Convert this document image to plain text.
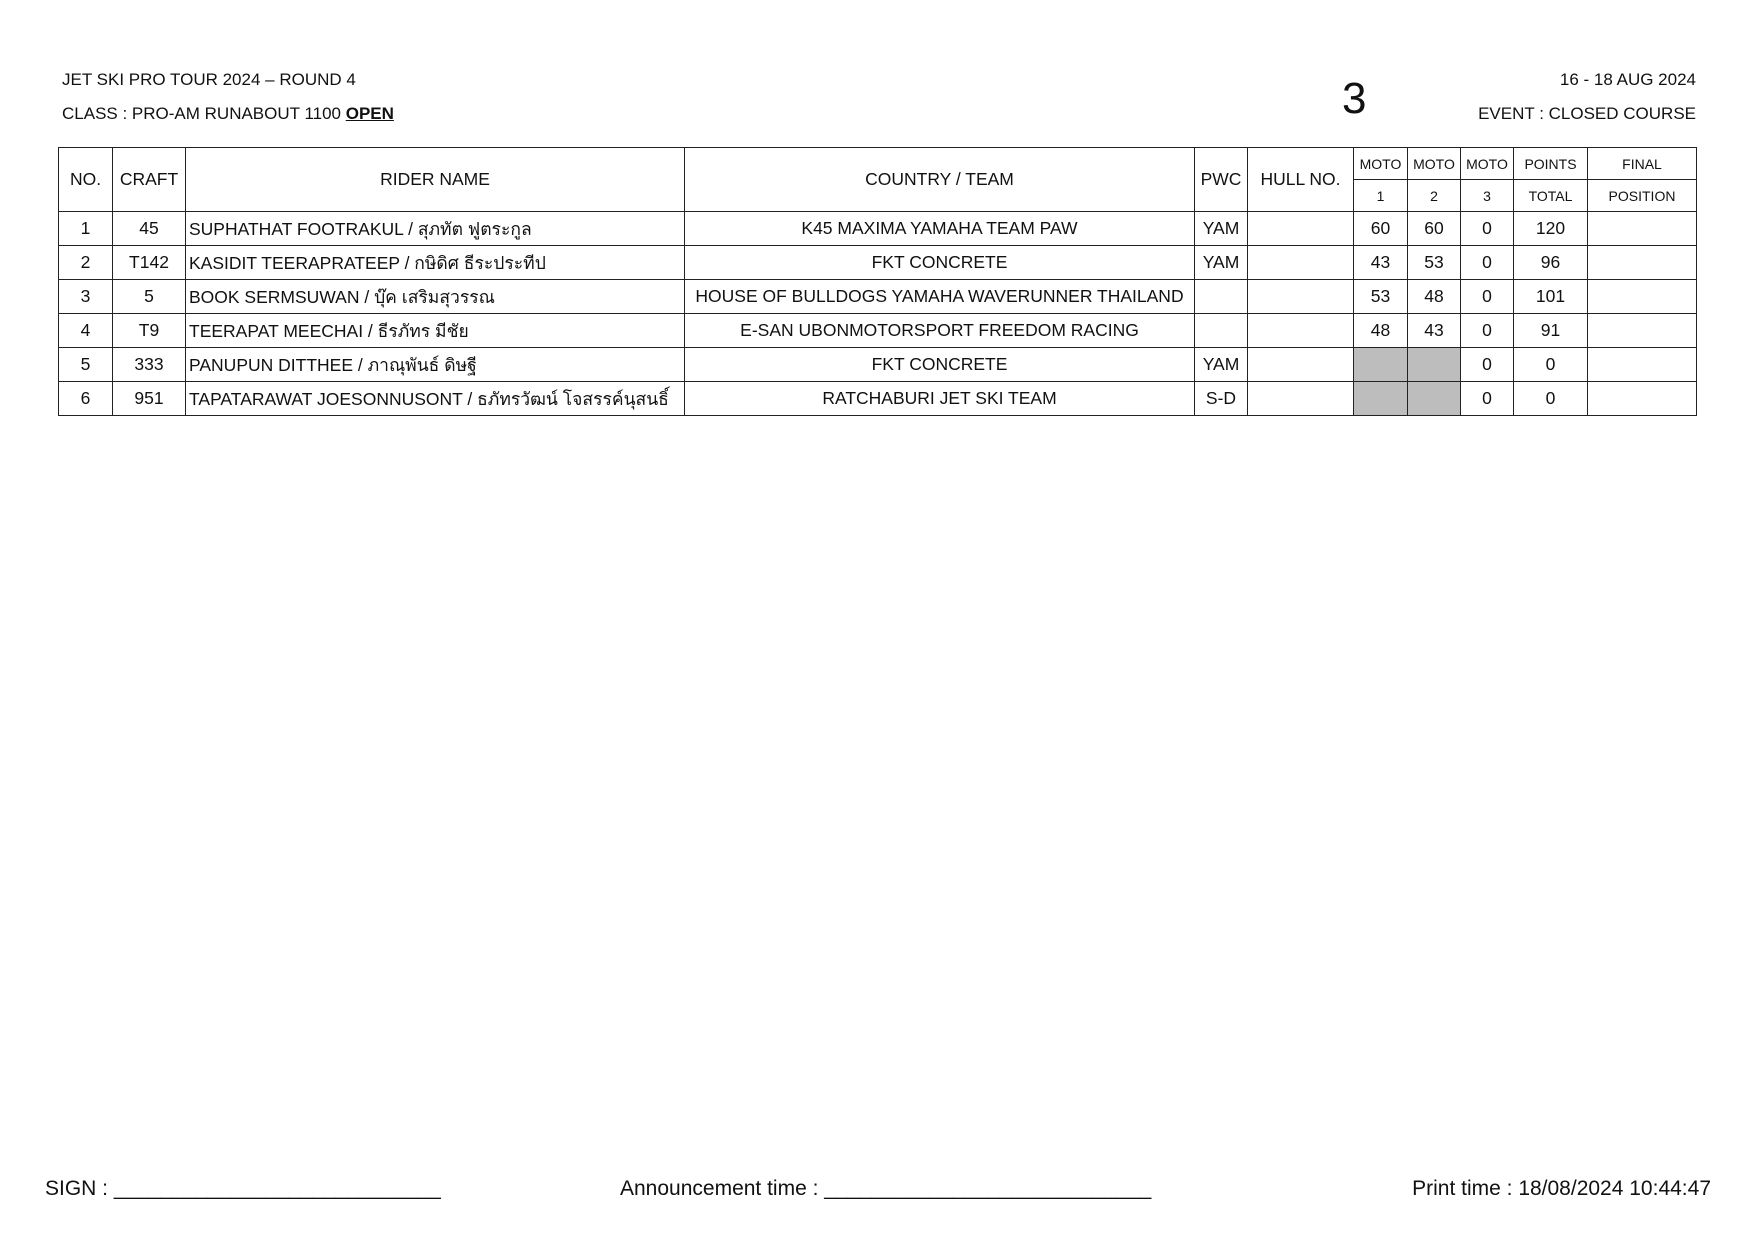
JET SKI PRO TOUR 2024 – ROUND 4
CLASS : PRO-AM RUNABOUT 1100 OPEN	3	16 - 18 AUG 2024
EVENT : CLOSED COURSE
NO.	CRAFT	RIDER NAME	COUNTRY / TEAM	PWC	HULL NO.	MOTO	MOTO	MOTO	POINTS	FINAL
						1	2	3	TOTAL	POSITION
1	45	SUPHATHAT FOOTRAKUL / สุภทัต ฟูตระกูล	K45 MAXIMA YAMAHA TEAM PAW	YAM		60	60	0	120	
2	T142	KASIDIT TEERAPRATEEP / กษิดิศ ธีระประทีป	FKT CONCRETE	YAM		43	53	0	96	
3	5	BOOK SERMSUWAN / บุ๊ค เสริมสุวรรณ	HOUSE OF BULLDOGS YAMAHA WAVERUNNER THAILAND			53	48	0	101	
4	T9	TEERAPAT MEECHAI / ธีรภัทร มีชัย	E-SAN UBONMOTORSPORT FREEDOM RACING			48	43	0	91	
5	333	PANUPUN DITTHEE / ภาณุพันธ์ ดิษฐี	FKT CONCRETE	YAM				0	0	
6	951	TAPATARAWAT JOESONNUSONT / ธภัทรวัฒน์ โจสรรค์นุสนธิ์	RATCHABURI JET SKI TEAM	S-D				0	0	
SIGN : ____________________________	Announcement time : ____________________________	Print time : 18/08/2024 10:44:47
